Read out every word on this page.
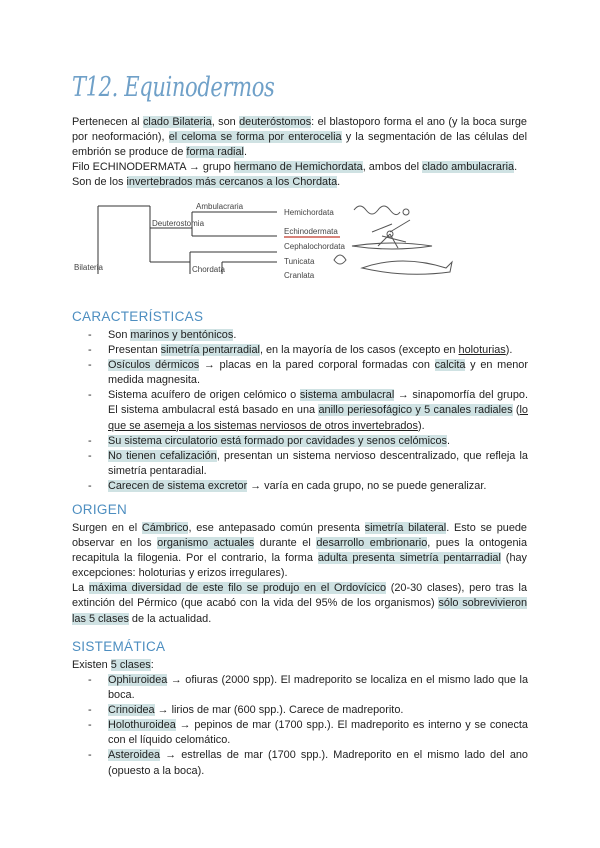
T12. Equinodermos
Pertenecen al clado Bilateria, son deuteróstomos: el blastoporo forma el ano (y la boca surge por neoformación), el celoma se forma por enterocelia y la segmentación de las células del embrión se produce de forma radial.
Filo ECHINODERMATA → grupo hermano de Hemichordata, ambos del clado ambulacraria.
Son de los invertebrados más cercanos a los Chordata.
Bilateria
Deuterostomia
Ambulacraria
Chordata
Hemichordata
Echinodermata
Cephalochordata
Tunicata
Cranlata
CARACTERÍSTICAS
- Son marinos y bentónicos.
- Presentan simetría pentarradial, en la mayoría de los casos (excepto en holoturias).
- Osículos dérmicos → placas en la pared corporal formadas con calcita y en menor medida magnesita.
- Sistema acuífero de origen celómico o sistema ambulacral → sinapomorfía del grupo. El sistema ambulacral está basado en una anillo periesofágico y 5 canales radiales (lo que se asemeja a los sistemas nerviosos de otros invertebrados).
- Su sistema circulatorio está formado por cavidades y senos celómicos.
- No tienen cefalización, presentan un sistema nervioso descentralizado, que refleja la simetría pentaradial.
- Carecen de sistema excretor → varía en cada grupo, no se puede generalizar.
ORIGEN
Surgen en el Cámbrico, ese antepasado común presenta simetría bilateral. Esto se puede observar en los organismo actuales durante el desarrollo embrionario, pues la ontogenia recapitula la filogenia. Por el contrario, la forma adulta presenta simetría pentarradial (hay excepciones: holoturias y erizos irregulares).
La máxima diversidad de este filo se produjo en el Ordovícico (20-30 clases), pero tras la extinción del Pérmico (que acabó con la vida del 95% de los organismos) sólo sobrevivieron las 5 clases de la actualidad.
SISTEMÁTICA
Existen 5 clases:
- Ophiuroidea → ofiuras (2000 spp). El madreporito se localiza en el mismo lado que la boca.
- Crinoidea → lirios de mar (600 spp.). Carece de madreporito.
- Holothuroidea → pepinos de mar (1700 spp.). El madreporito es interno y se conecta con el líquido celomático.
- Asteroidea → estrellas de mar (1700 spp.). Madreporito en el mismo lado del ano (opuesto a la boca).
